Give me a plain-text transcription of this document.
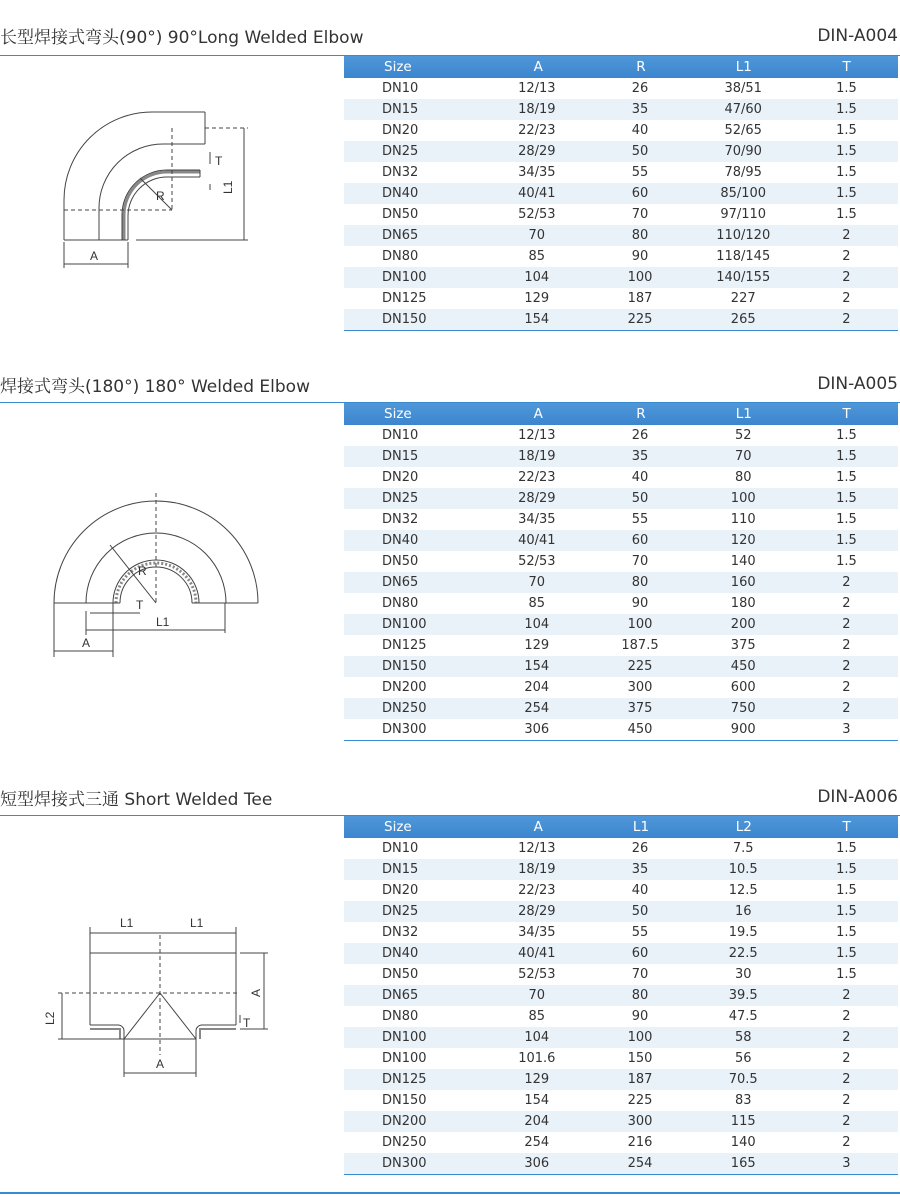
长型焊接式弯头(90°) 90°Long Welded Elbow	DIN-A004
Size	A	R	L1	T
DN10	12/13	26	38/51	1.5
DN15	18/19	35	47/60	1.5
DN20	22/23	40	52/65	1.5
DN25	28/29	50	70/90	1.5
DN32	34/35	55	78/95	1.5
DN40	40/41	60	85/100	1.5
DN50	52/53	70	97/110	1.5
DN65	70	80	110/120	2
DN80	85	90	118/145	2
DN100	104	100	140/155	2
DN125	129	187	227	2
DN150	154	225	265	2
R
T
L1
A
焊接式弯头(180°) 180° Welded Elbow	DIN-A005
Size	A	R	L1	T
DN10	12/13	26	52	1.5
DN15	18/19	35	70	1.5
DN20	22/23	40	80	1.5
DN25	28/29	50	100	1.5
DN32	34/35	55	110	1.5
DN40	40/41	60	120	1.5
DN50	52/53	70	140	1.5
DN65	70	80	160	2
DN80	85	90	180	2
DN100	104	100	200	2
DN125	129	187.5	375	2
DN150	154	225	450	2
DN200	204	300	600	2
DN250	254	375	750	2
DN300	306	450	900	3
R
T
L1
A
短型焊接式三通 Short Welded Tee	DIN-A006
Size	A	L1	L2	T
DN10	12/13	26	7.5	1.5
DN15	18/19	35	10.5	1.5
DN20	22/23	40	12.5	1.5
DN25	28/29	50	16	1.5
DN32	34/35	55	19.5	1.5
DN40	40/41	60	22.5	1.5
DN50	52/53	70	30	1.5
DN65	70	80	39.5	2
DN80	85	90	47.5	2
DN100	104	100	58	2
DN100	101.6	150	56	2
DN125	129	187	70.5	2
DN150	154	225	83	2
DN200	204	300	115	2
DN250	254	216	140	2
DN300	306	254	165	3
L1	L1
A
L2	T
A
